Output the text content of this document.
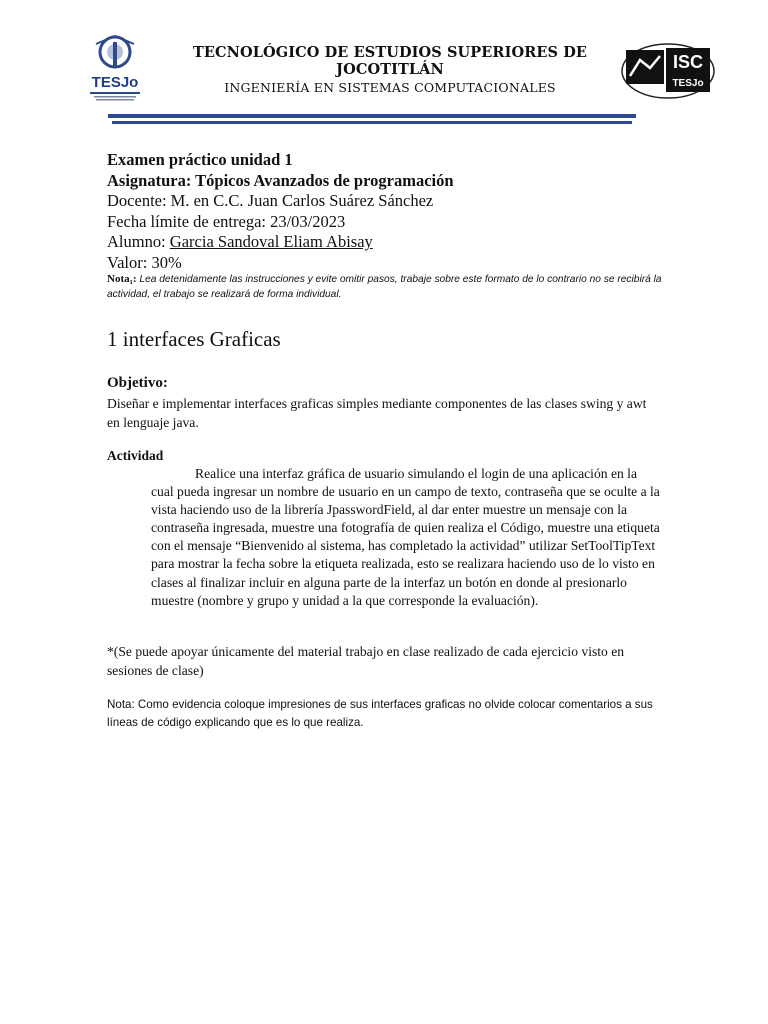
TESJo
TECNOLÓGICO DE ESTUDIOS SUPERIORES DE JOCOTITLÁN
INGENIERÍA EN SISTEMAS COMPUTACIONALES
ISC
TESJo
Examen práctico unidad 1
Asignatura: Tópicos Avanzados de programación
Docente: M. en C.C. Juan Carlos Suárez Sánchez
Fecha límite de entrega: 23/03/2023
Alumno: Garcia Sandoval Eliam Abisay
Valor: 30%
Nota₁: Lea detenidamente las instrucciones y evite omitir pasos, trabaje sobre este formato de lo contrario no se recibirá la actividad, el trabajo se realizará de forma individual.
1 interfaces Graficas
Objetivo:
Diseñar e implementar interfaces graficas simples mediante componentes de las clases swing y awt en lenguaje java.
Actividad
Realice una interfaz gráfica de usuario simulando el login de una aplicación en la cual pueda ingresar un nombre de usuario en un campo de texto, contraseña que se oculte a la vista haciendo uso de la librería JpasswordField, al dar enter muestre un mensaje con la contraseña ingresada, muestre una fotografía de quien realiza el Código, muestre una etiqueta con el mensaje “Bienvenido al sistema, has completado la actividad” utilizar SetToolTipText para mostrar la fecha sobre la etiqueta realizada, esto se realizara haciendo uso de lo visto en clases al finalizar incluir en alguna parte de la interfaz un botón en donde al presionarlo muestre (nombre y grupo y unidad a la que corresponde la evaluación).
*(Se puede apoyar únicamente del material trabajo en clase realizado de cada ejercicio visto en sesiones de clase)
Nota: Como evidencia coloque impresiones de sus interfaces graficas no olvide colocar comentarios a sus líneas de código explicando que es lo que realiza.
